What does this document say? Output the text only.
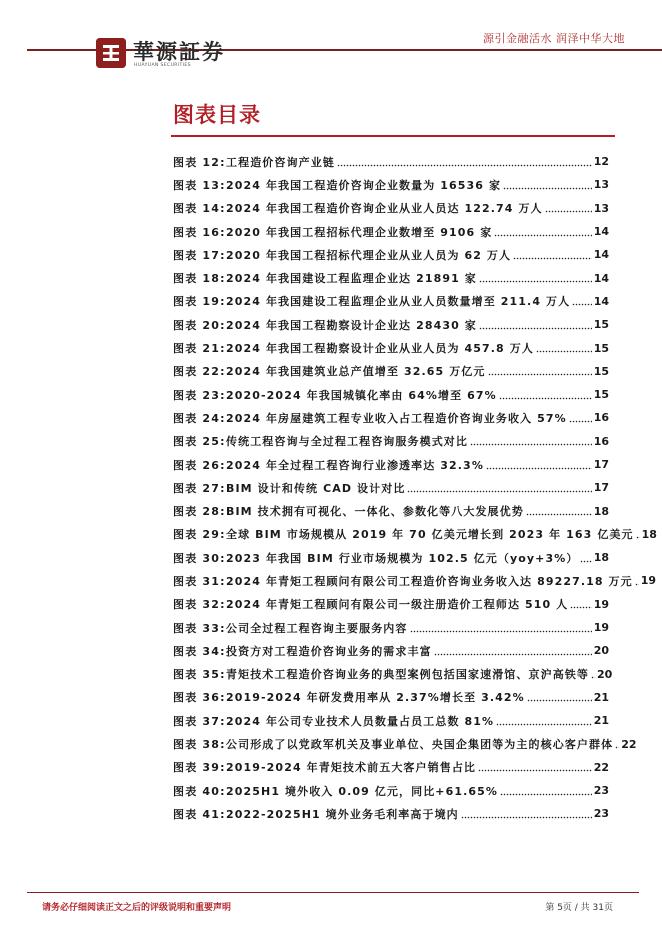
華源証券
HUAYUAN SECURITIES
源引金融活水 润泽中华大地
图表目录
图表 12: 工程造价咨询产业链	12
图表 13: 2024 年我国工程造价咨询企业数量为 16536 家	13
图表 14: 2024 年我国工程造价咨询企业从业人员达 122.74 万人	13
图表 16: 2020 年我国工程招标代理企业数增至 9106 家	14
图表 17: 2020 年我国工程招标代理企业从业人员为 62 万人	14
图表 18: 2024 年我国建设工程监理企业达 21891 家	14
图表 19: 2024 年我国建设工程监理企业从业人员数量增至 211.4 万人 14
图表 20: 2024 年我国工程勘察设计企业达 28430 家	15
图表 21: 2024 年我国工程勘察设计企业从业人员为 457.8 万人	15
图表 22: 2024 年我国建筑业总产值增至 32.65 万亿元	15
图表 23: 2020-2024 年我国城镇化率由 64%增至 67%	15
图表 24: 2024 年房屋建筑工程专业收入占工程造价咨询业务收入 57% 16
图表 25: 传统工程咨询与全过程工程咨询服务模式对比	16
图表 26: 2024 年全过程工程咨询行业渗透率达 32.3%	17
图表 27: BIM 设计和传统 CAD 设计对比	17
图表 28: BIM 技术拥有可视化、一体化、参数化等八大发展优势	18
图表 29: 全球 BIM 市场规模从 2019 年 70 亿美元增长到 2023 年 163 亿美元 18
图表 30: 2023 年我国 BIM 行业市场规模为 102.5 亿元（yoy+3%） 18
图表 31: 2024 年青矩工程顾问有限公司工程造价咨询业务收入达 89227.18 万元 19
图表 32: 2024 年青矩工程顾问有限公司一级注册造价工程师达 510 人 19
图表 33: 公司全过程工程咨询主要服务内容	19
图表 34: 投资方对工程造价咨询业务的需求丰富	20
图表 35: 青矩技术工程造价咨询业务的典型案例包括国家速滑馆、京沪高铁等 20
图表 36: 2019-2024 年研发费用率从 2.37%增长至 3.42%	21
图表 37: 2024 年公司专业技术人员数量占员工总数 81%	21
图表 38: 公司形成了以党政军机关及事业单位、央国企集团等为主的核心客户群体 22
图表 39: 2019-2024 年青矩技术前五大客户销售占比	22
图表 40: 2025H1 境外收入 0.09 亿元，同比+61.65%	23
图表 41: 2022-2025H1 境外业务毛利率高于境内	23
请务必仔细阅读正文之后的评级说明和重要声明	第 5页 / 共 31页
